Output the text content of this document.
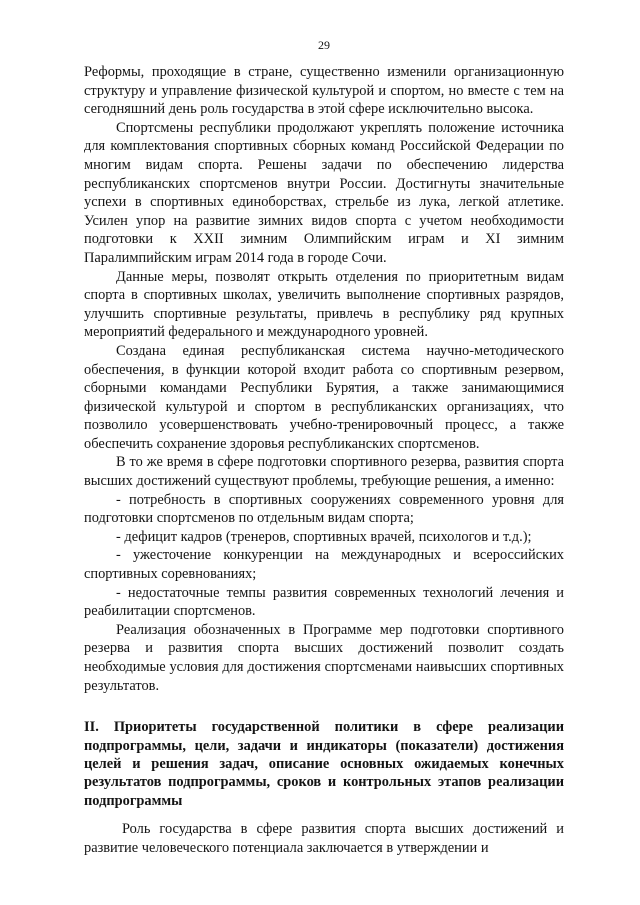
29

Реформы, проходящие в стране, существенно изменили организационную структуру и управление физической культурой и спортом, но вместе с тем на сегодняшний день роль государства в этой сфере исключительно высока.

Спортсмены республики продолжают укреплять положение источника для комплектования спортивных сборных команд Российской Федерации по многим видам спорта. Решены задачи по обеспечению лидерства республиканских спортсменов внутри России. Достигнуты значительные успехи в спортивных единоборствах, стрельбе из лука, легкой атлетике. Усилен упор на развитие зимних видов спорта с учетом необходимости подготовки к XXII зимним Олимпийским играм и XI зимним Паралимпийским играм 2014 года в городе Сочи.

Данные меры, позволят открыть отделения по приоритетным видам спорта в спортивных школах, увеличить выполнение спортивных разрядов, улучшить спортивные результаты, привлечь в республику ряд крупных мероприятий федерального и международного уровней.

Создана единая республиканская система научно-методического обеспечения, в функции которой входит работа со спортивным резервом, сборными командами Республики Бурятия, а также занимающимися физической культурой и спортом в республиканских организациях, что позволило усовершенствовать учебно-тренировочный процесс, а также обеспечить сохранение здоровья республиканских спортсменов.

В то же время в сфере подготовки спортивного резерва, развития спорта высших достижений существуют проблемы, требующие решения, а именно:

- потребность в спортивных сооружениях современного уровня для подготовки спортсменов по отдельным видам спорта;

- дефицит кадров (тренеров, спортивных врачей, психологов и т.д.);

- ужесточение конкуренции на международных и всероссийских спортивных соревнованиях;

- недостаточные темпы развития современных технологий лечения и реабилитации спортсменов.

Реализация обозначенных в Программе мер подготовки спортивного резерва и развития спорта высших достижений позволит создать необходимые условия для достижения спортсменами наивысших спортивных результатов.

II. Приоритеты государственной политики в сфере реализации подпрограммы, цели, задачи и индикаторы (показатели) достижения целей и решения задач, описание основных ожидаемых конечных результатов подпрограммы, сроков и контрольных этапов реализации подпрограммы

Роль государства в сфере развития спорта высших достижений и развитие человеческого потенциала заключается в утверждении и
